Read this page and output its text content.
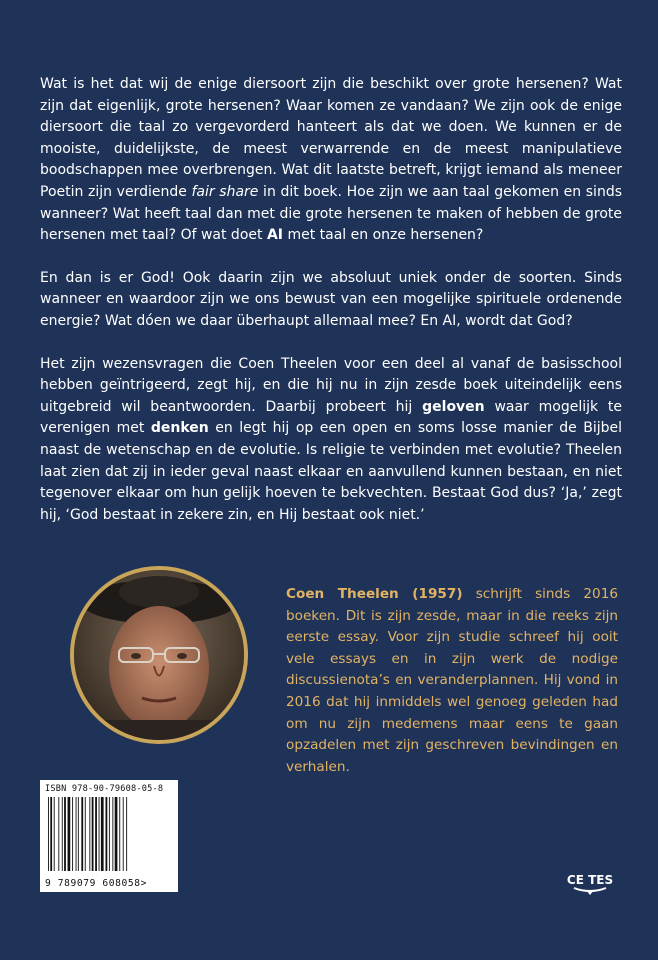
Wat is het dat wij de enige diersoort zijn die beschikt over grote hersenen? Wat zijn dat eigenlijk, grote hersenen? Waar komen ze vandaan? We zijn ook de enige diersoort die taal zo vergevorderd hanteert als dat we doen. We kunnen er de mooiste, duidelijkste, de meest verwarrende en de meest manipulatieve boodschappen mee overbrengen. Wat dit laatste betreft, krijgt iemand als meneer Poetin zijn verdiende fair share in dit boek. Hoe zijn we aan taal gekomen en sinds wanneer? Wat heeft taal dan met die grote hersenen te maken of hebben de grote hersenen met taal? Of wat doet AI met taal en onze hersenen?

En dan is er God! Ook daarin zijn we absoluut uniek onder de soorten. Sinds wanneer en waardoor zijn we ons bewust van een mogelijke spirituele ordenende energie? Wat dóen we daar überhaupt allemaal mee? En AI, wordt dat God?

Het zijn wezensvragen die Coen Theelen voor een deel al vanaf de basisschool hebben geïntrigeerd, zegt hij, en die hij nu in zijn zesde boek uiteindelijk eens uitgebreid wil beantwoorden. Daarbij probeert hij geloven waar mogelijk te verenigen met denken en legt hij op een open en soms losse manier de Bijbel naast de wetenschap en de evolutie. Is religie te verbinden met evolutie? Theelen laat zien dat zij in ieder geval naast elkaar en aanvullend kunnen bestaan, en niet tegenover elkaar om hun gelijk hoeven te bekvechten. Bestaat God dus? ‘Ja,’ zegt hij, ‘God bestaat in zekere zin, en Hij bestaat ook niet.’

Coen Theelen (1957) schrijft sinds 2016 boeken. Dit is zijn zesde, maar in die reeks zijn eerste essay. Voor zijn studie schreef hij ooit vele essays en in zijn werk de nodige discussienota’s en veranderplannen. Hij vond in 2016 dat hij inmiddels wel genoeg geleden had om nu zijn medemens maar eens te gaan opzadelen met zijn geschreven bevindingen en verhalen.

ISBN 978-90-79608-05-8
9 789079 608058>	CE TES
